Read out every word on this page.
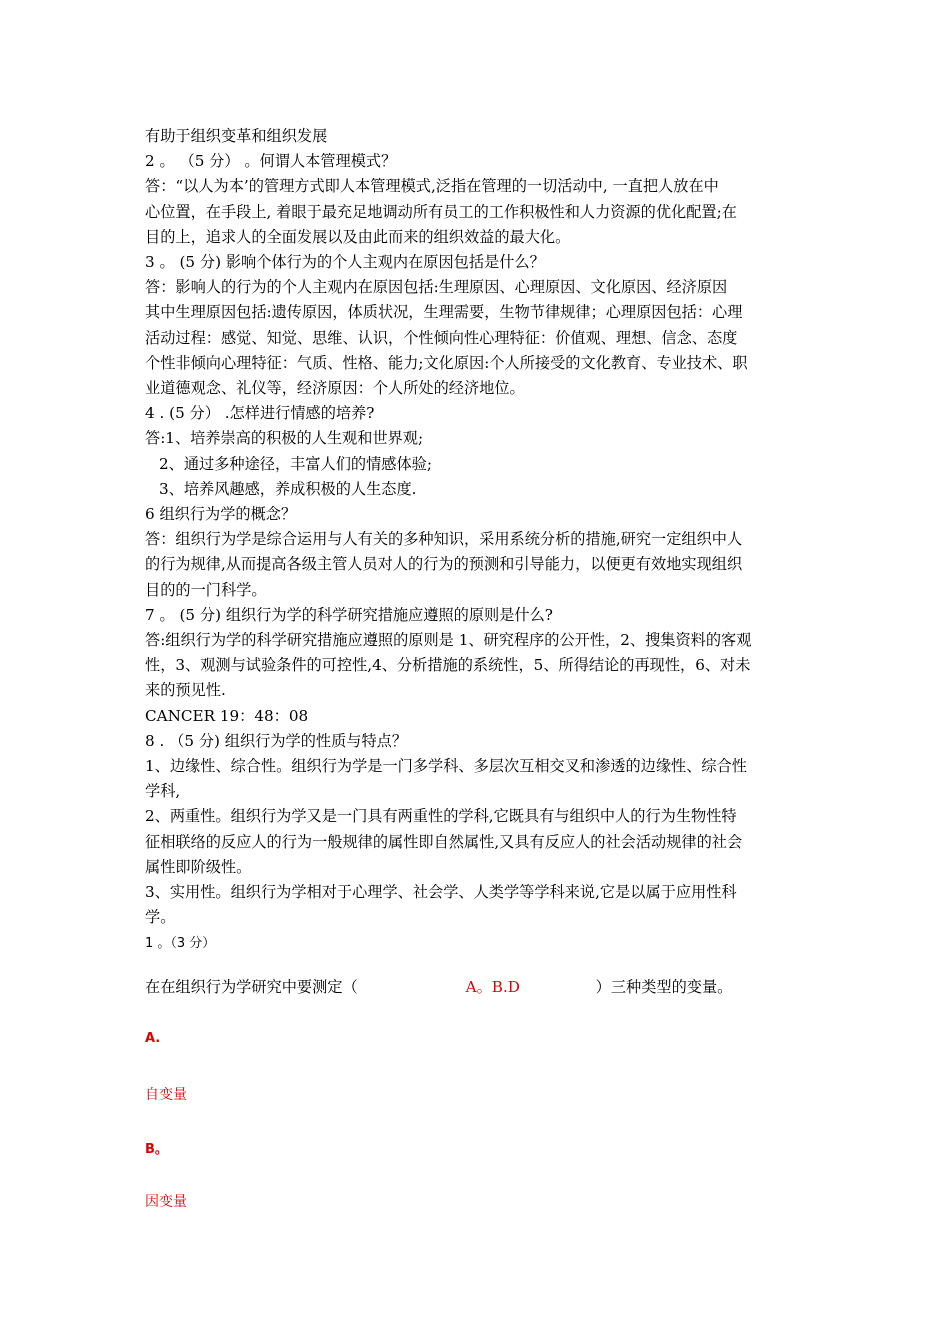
有助于组织变革和组织发展

2 。 （5 分） 。何谓人本管理模式？

答：“以人为本’的管理方式即人本管理模式,泛指在管理的一切活动中, 一直把人放在中

心位置，在手段上, 着眼于最充足地调动所有员工的工作积极性和人力资源的优化配置;在

目的上，追求人的全面发展以及由此而来的组织效益的最大化。

3 。 (5 分) 影响个体行为的个人主观内在原因包括是什么？

答：影响人的行为的个人主观内在原因包括:生理原因、心理原因、文化原因、经济原因

其中生理原因包括:遗传原因，体质状况，生理需要，生物节律规律；心理原因包括：心理

活动过程：感觉、知觉、思维、认识，个性倾向性心理特征：价值观、理想、信念、态度

个性非倾向心理特征：气质、性格、能力;文化原因:个人所接受的文化教育、专业技术、职

业道德观念、礼仪等，经济原因：个人所处的经济地位。

4 . (5 分） .怎样进行情感的培养?

答:1、培养崇高的积极的人生观和世界观;

2、通过多种途径，丰富人们的情感体验;

3、培养风趣感，养成积极的人生态度.

6 组织行为学的概念？

答：组织行为学是综合运用与人有关的多种知识，采用系统分析的措施,研究一定组织中人

的行为规律,从而提高各级主管人员对人的行为的预测和引导能力，以便更有效地实现组织

目的的一门科学。

7 。 (5 分) 组织行为学的科学研究措施应遵照的原则是什么?

答:组织行为学的科学研究措施应遵照的原则是 1、研究程序的公开性，2、搜集资料的客观

性，3、观测与试验条件的可控性,4、分析措施的系统性，5、所得结论的再现性，6、对未

来的预见性.

CANCER 19：48：08

8 . （5 分) 组织行为学的性质与特点？

1、边缘性、综合性。组织行为学是一门多学科、多层次互相交叉和渗透的边缘性、综合性

学科,

2、两重性。组织行为学又是一门具有两重性的学科,它既具有与组织中人的行为生物性特

征相联络的反应人的行为一般规律的属性即自然属性,又具有反应人的社会活动规律的社会

属性即阶级性。

3、实用性。组织行为学相对于心理学、社会学、人类学等学科来说,它是以属于应用性科

学。

1 。（3 分）

在在组织行为学研究中要测定（	A。B.D	）三种类型的变量。
A.
自变量
B。
因变量
